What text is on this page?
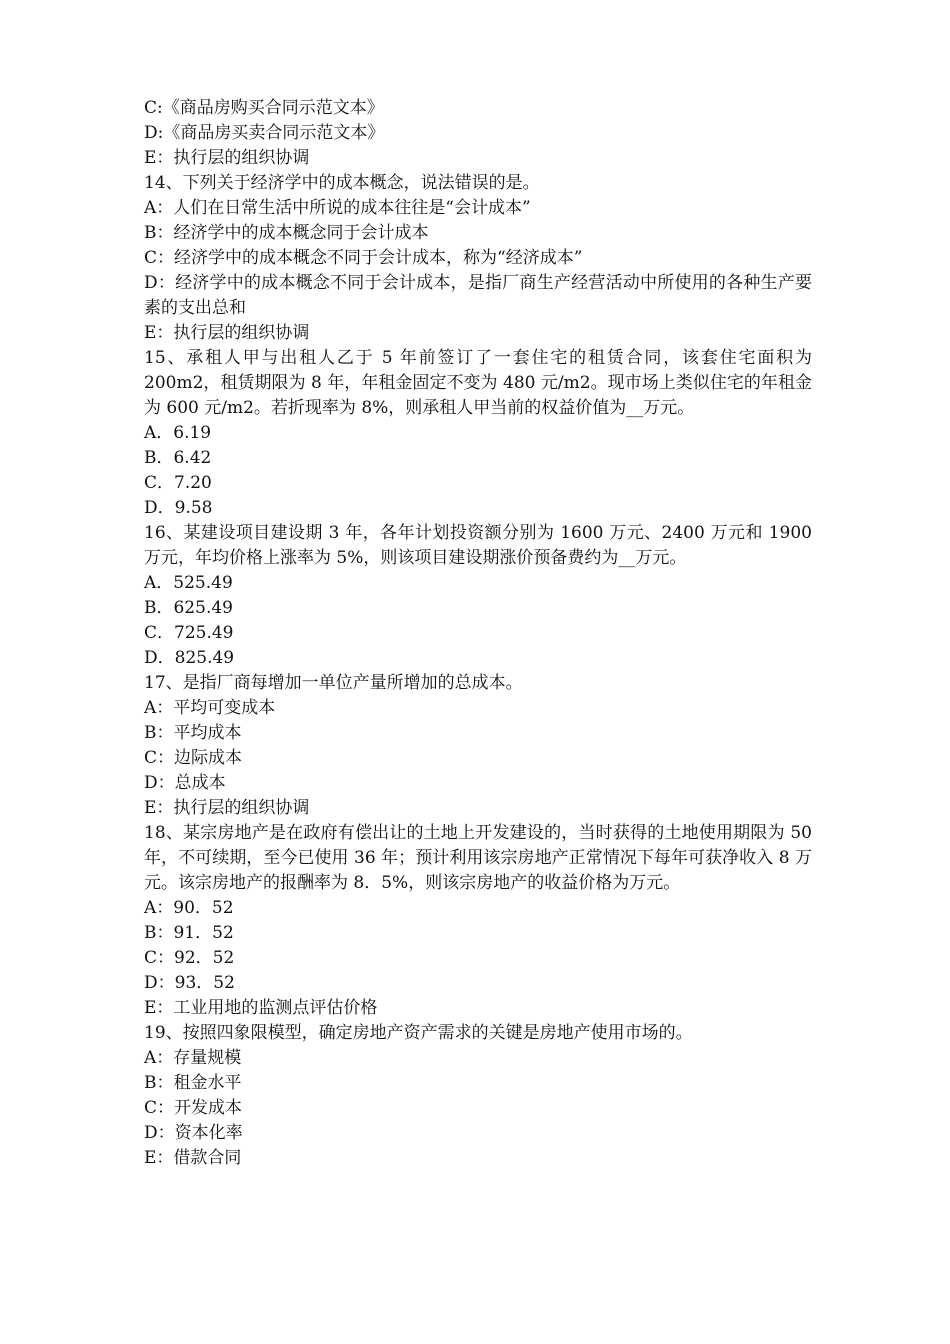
C:《商品房购买合同示范文本》
D:《商品房买卖合同示范文本》
E：执行层的组织协调
14、下列关于经济学中的成本概念，说法错误的是。
A：人们在日常生活中所说的成本往往是“会计成本”
B：经济学中的成本概念同于会计成本
C：经济学中的成本概念不同于会计成本，称为“经济成本”
D：经济学中的成本概念不同于会计成本，是指厂商生产经营活动中所使用的各种生产要素的支出总和
E：执行层的组织协调
15、承租人甲与出租人乙于 5 年前签订了一套住宅的租赁合同，该套住宅面积为 200m2，租赁期限为 8 年，年租金固定不变为 480 元/m2。现市场上类似住宅的年租金为 600 元/m2。若折现率为 8%，则承租人甲当前的权益价值为__万元。
A．6.19
B．6.42
C．7.20
D．9.58
16、某建设项目建设期 3 年，各年计划投资额分别为 1600 万元、2400 万元和 1900 万元，年均价格上涨率为 5%，则该项目建设期涨价预备费约为__万元。
A．525.49
B．625.49
C．725.49
D．825.49
17、是指厂商每增加一单位产量所增加的总成本。
A：平均可变成本
B：平均成本
C：边际成本
D：总成本
E：执行层的组织协调
18、某宗房地产是在政府有偿出让的土地上开发建设的，当时获得的土地使用期限为 50 年，不可续期，至今已使用 36 年；预计利用该宗房地产正常情况下每年可获净收入 8 万元。该宗房地产的报酬率为 8．5%，则该宗房地产的收益价格为万元。
A：90．52
B：91．52
C：92．52
D：93．52
E：工业用地的监测点评估价格
19、按照四象限模型，确定房地产资产需求的关键是房地产使用市场的。
A：存量规模
B：租金水平
C：开发成本
D：资本化率
E：借款合同
